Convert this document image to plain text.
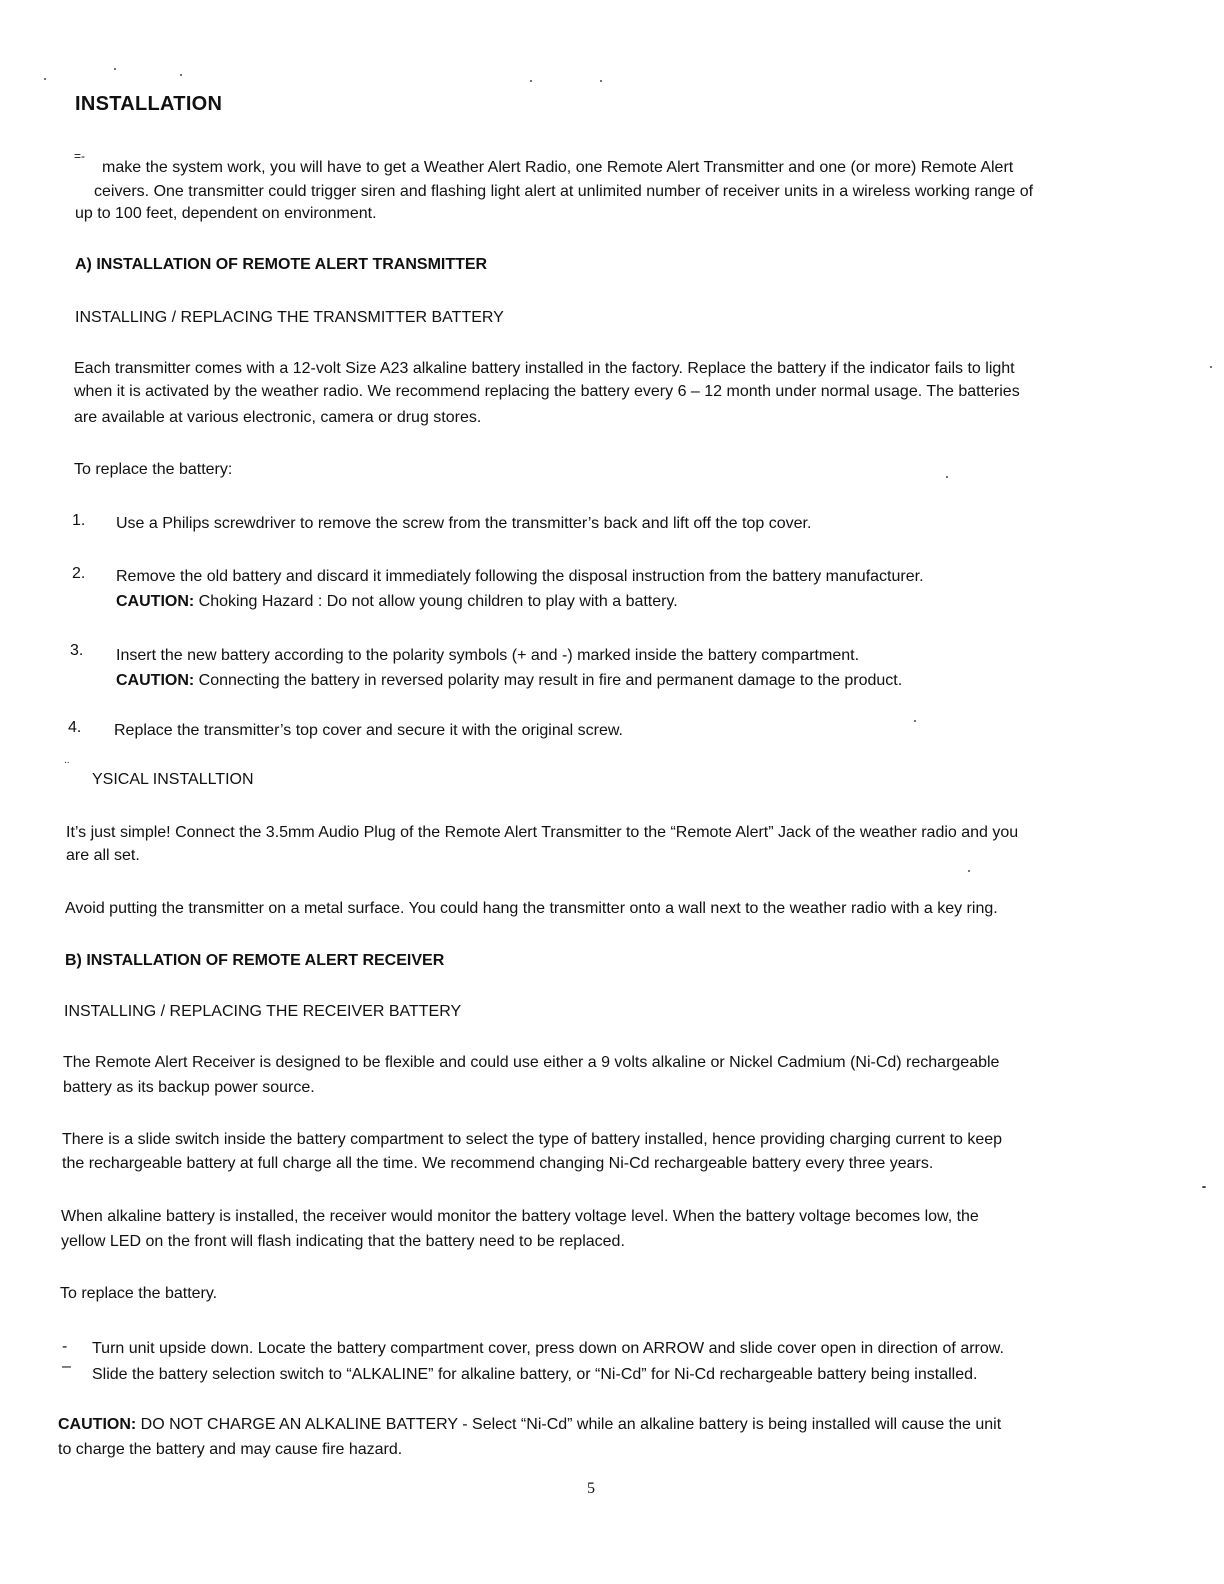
INSTALLATION
=-
make the system work, you will have to get a Weather Alert Radio, one Remote Alert Transmitter and one (or more) Remote Alert
ceivers. One transmitter could trigger siren and flashing light alert at unlimited number of receiver units in a wireless working range of
up to 100 feet, dependent on environment.
A) INSTALLATION OF REMOTE ALERT TRANSMITTER
INSTALLING / REPLACING THE TRANSMITTER BATTERY
Each transmitter comes with a 12-volt Size A23 alkaline battery installed in the factory. Replace the battery if the indicator fails to light
when it is activated by the weather radio. We recommend replacing the battery every 6 – 12 month under normal usage. The batteries
are available at various electronic, camera or drug stores.
To replace the battery:
1. Use a Philips screwdriver to remove the screw from the transmitter’s back and lift off the top cover.
2. Remove the old battery and discard it immediately following the disposal instruction from the battery manufacturer.
CAUTION: Choking Hazard : Do not allow young children to play with a battery.
3. Insert the new battery according to the polarity symbols (+ and -) marked inside the battery compartment.
CAUTION: Connecting the battery in reversed polarity may result in fire and permanent damage to the product.
4. Replace the transmitter’s top cover and secure it with the original screw.
..
YSICAL INSTALLTION
It’s just simple! Connect the 3.5mm Audio Plug of the Remote Alert Transmitter to the “Remote Alert” Jack of the weather radio and you
are all set.
Avoid putting the transmitter on a metal surface. You could hang the transmitter onto a wall next to the weather radio with a key ring.
B) INSTALLATION OF REMOTE ALERT RECEIVER
INSTALLING / REPLACING THE RECEIVER BATTERY
The Remote Alert Receiver is designed to be flexible and could use either a 9 volts alkaline or Nickel Cadmium (Ni-Cd) rechargeable
battery as its backup power source.
There is a slide switch inside the battery compartment to select the type of battery installed, hence providing charging current to keep
the rechargeable battery at full charge all the time. We recommend changing Ni-Cd rechargeable battery every three years.
When alkaline battery is installed, the receiver would monitor the battery voltage level. When the battery voltage becomes low, the
yellow LED on the front will flash indicating that the battery need to be replaced.
To replace the battery.
- Turn unit upside down. Locate the battery compartment cover, press down on ARROW and slide cover open in direction of arrow.
– Slide the battery selection switch to “ALKALINE” for alkaline battery, or “Ni-Cd” for Ni-Cd rechargeable battery being installed.
CAUTION: DO NOT CHARGE AN ALKALINE BATTERY - Select “Ni-Cd” while an alkaline battery is being installed will cause the unit
to charge the battery and may cause fire hazard.
5
